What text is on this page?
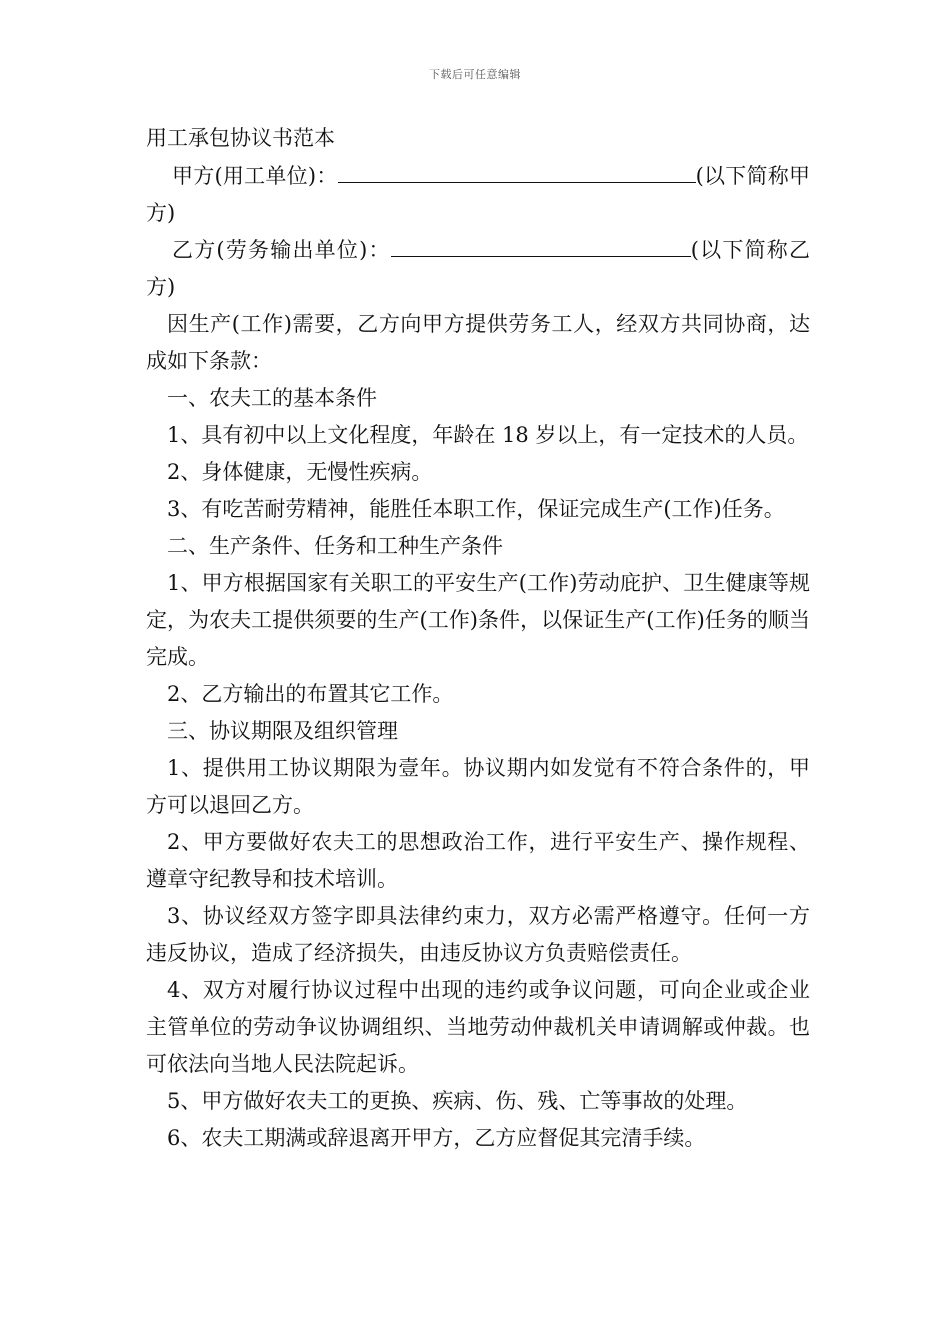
下载后可任意编辑

用工承包协议书范本

甲方(用工单位)：	(以下简称甲方)

乙方(劳务输出单位)：	(以下简称乙方)

因生产(工作)需要，乙方向甲方提供劳务工人，经双方共同协商，达成如下条款：

一、农夫工的基本条件

1、具有初中以上文化程度，年龄在 18 岁以上，有一定技术的人员。

2、身体健康，无慢性疾病。

3、有吃苦耐劳精神，能胜任本职工作，保证完成生产(工作)任务。

二、生产条件、任务和工种生产条件

1、甲方根据国家有关职工的平安生产(工作)劳动庇护、卫生健康等规定，为农夫工提供须要的生产(工作)条件，以保证生产(工作)任务的顺当完成。

2、乙方输出的布置其它工作。

三、协议期限及组织管理

1、提供用工协议期限为壹年。协议期内如发觉有不符合条件的，甲方可以退回乙方。

2、甲方要做好农夫工的思想政治工作，进行平安生产、操作规程、遵章守纪教导和技术培训。

3、协议经双方签字即具法律约束力，双方必需严格遵守。任何一方违反协议，造成了经济损失，由违反协议方负责赔偿责任。

4、双方对履行协议过程中出现的违约或争议问题，可向企业或企业主管单位的劳动争议协调组织、当地劳动仲裁机关申请调解或仲裁。也可依法向当地人民法院起诉。

5、甲方做好农夫工的更换、疾病、伤、残、亡等事故的处理。

6、农夫工期满或辞退离开甲方，乙方应督促其完清手续。
